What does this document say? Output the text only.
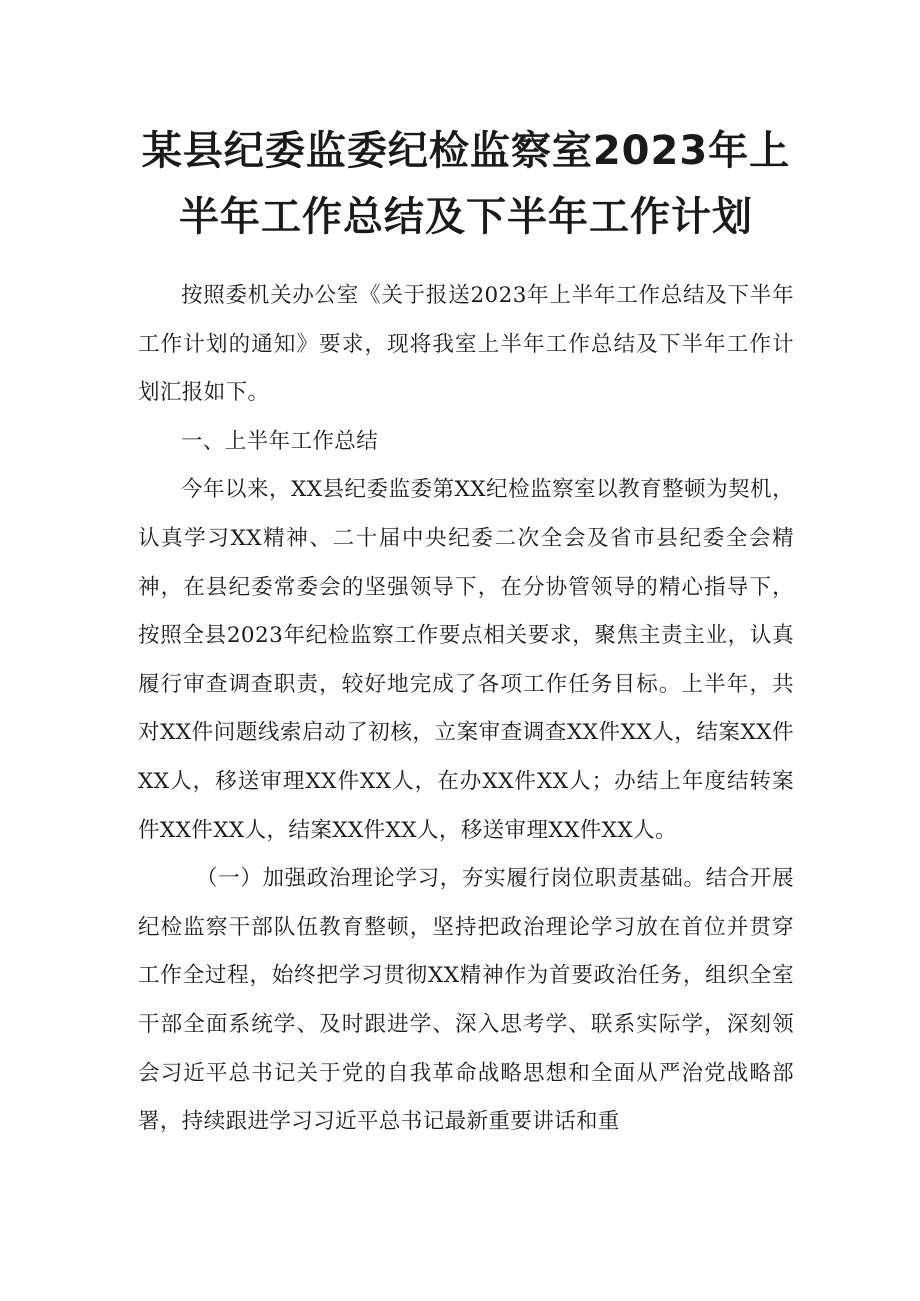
某县纪委监委纪检监察室2023年上
半年工作总结及下半年工作计划

按照委机关办公室《关于报送2023年上半年工作总结及下半年工作计划的通知》要求，现将我室上半年工作总结及下半年工作计划汇报如下。

一、上半年工作总结

今年以来，XX县纪委监委第XX纪检监察室以教育整顿为契机，认真学习XX精神、二十届中央纪委二次全会及省市县纪委全会精神，在县纪委常委会的坚强领导下，在分协管领导的精心指导下，按照全县2023年纪检监察工作要点相关要求，聚焦主责主业，认真履行审查调查职责，较好地完成了各项工作任务目标。上半年，共对XX件问题线索启动了初核，立案审查调查XX件XX人，结案XX件XX人，移送审理XX件XX人，在办XX件XX人；办结上年度结转案件XX件XX人，结案XX件XX人，移送审理XX件XX人。

（一）加强政治理论学习，夯实履行岗位职责基础。结合开展纪检监察干部队伍教育整顿，坚持把政治理论学习放在首位并贯穿工作全过程，始终把学习贯彻XX精神作为首要政治任务，组织全室干部全面系统学、及时跟进学、深入思考学、联系实际学，深刻领会习近平总书记关于党的自我革命战略思想和全面从严治党战略部署，持续跟进学习习近平总书记最新重要讲话和重
